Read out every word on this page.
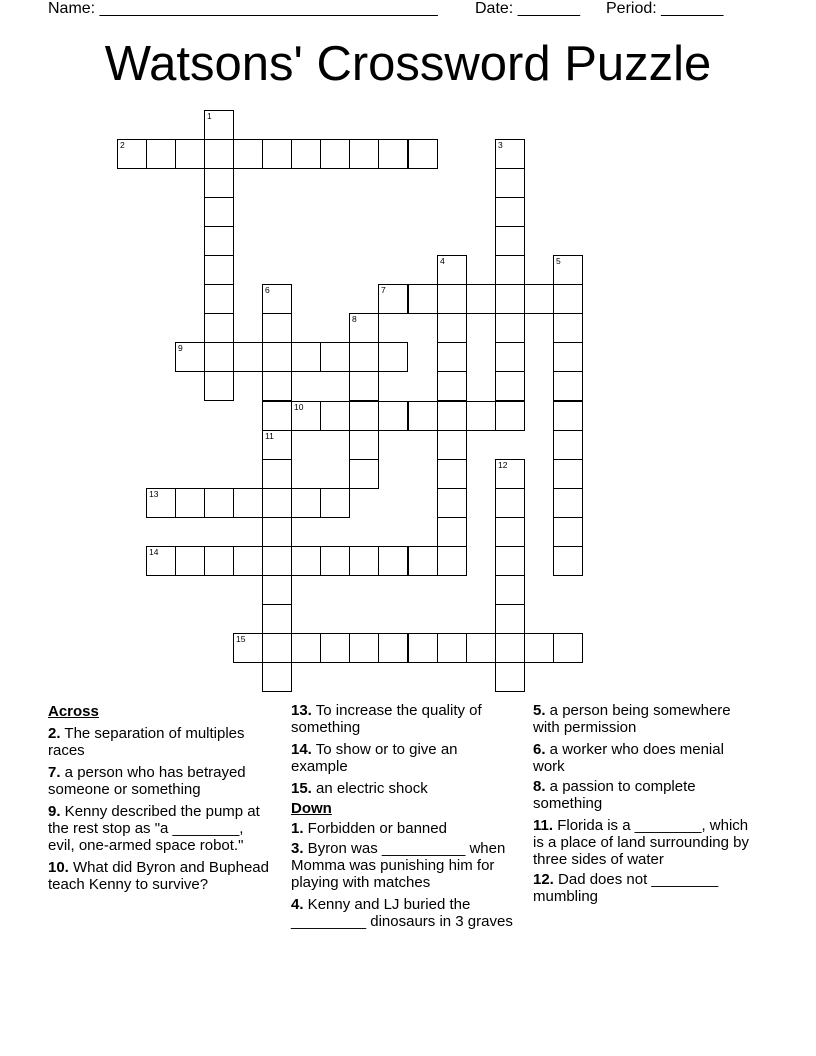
Name: ______________________________________ Date: _______ Period: _______
Watsons' Crossword Puzzle
1
2	3
4	5
6
11
7
8
9
10
12
13
14
15
Across
2. The separation of multiples races
7. a person who has betrayed someone or something
9. Kenny described the pump at the rest stop as "a ________, evil, one-armed space robot."
10. What did Byron and Buphead teach Kenny to survive?
13. To increase the quality of something
14. To show or to give an example
15. an electric shock
Down
1. Forbidden or banned
3. Byron was __________ when Momma was punishing him for playing with matches
4. Kenny and LJ buried the _________ dinosaurs in 3 graves
5. a person being somewhere with permission
6. a worker who does menial work
8. a passion to complete something
11. Florida is a ________, which is a place of land surrounding by three sides of water
12. Dad does not ________ mumbling
